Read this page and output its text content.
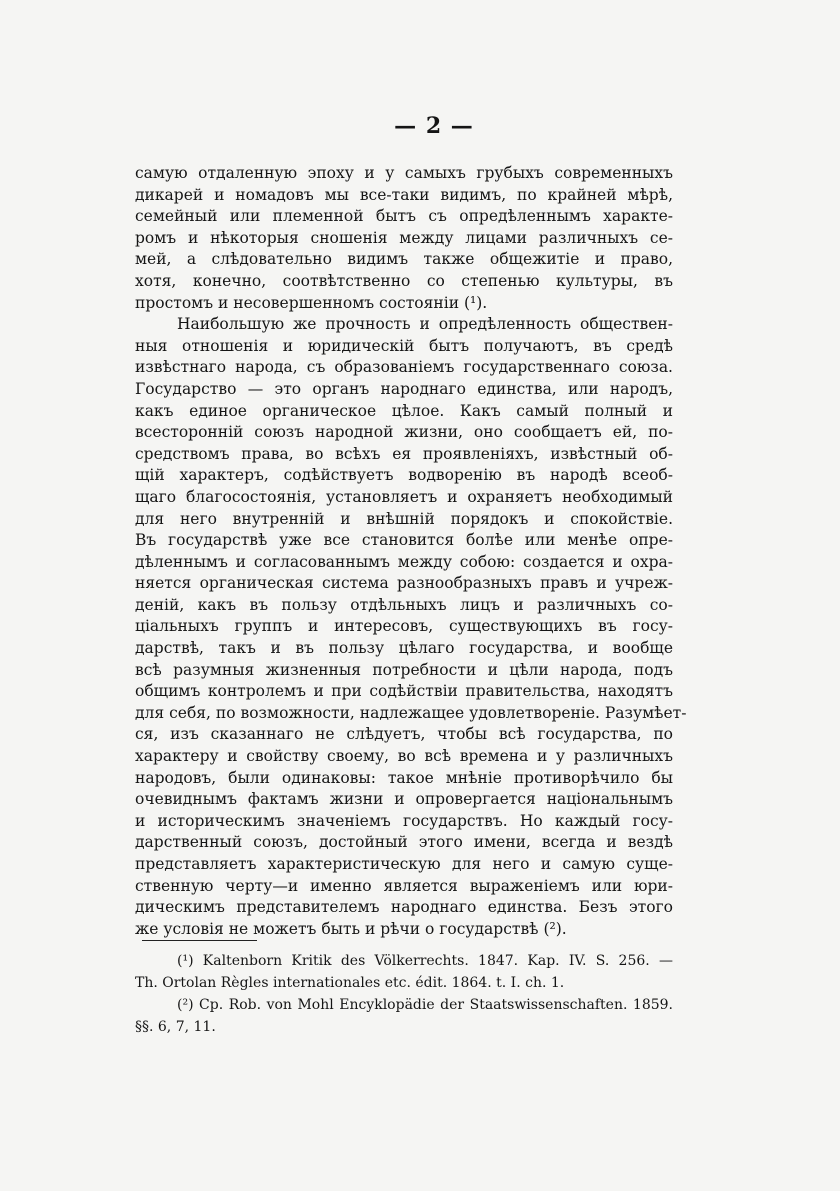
— 2 —
самую отдаленную эпоху и у самыхъ грубыхъ современныхъ
дикарей и номадовъ мы все-таки видимъ, по крайней мѣрѣ,
семейный или племенной бытъ съ опредѣленнымъ характе-
ромъ и нѣкоторыя сношенія между лицами различныхъ се-
мей, а слѣдовательно видимъ также общежитіе и право,
хотя, конечно, соотвѣтственно со степенью культуры, въ
простомъ и несовершенномъ состояніи (¹).
Наибольшую же прочность и опредѣленность обществен-
ныя отношенія и юридическій бытъ получаютъ, въ средѣ
извѣстнаго народа, съ образованіемъ государственнаго союза.
Государство — это органъ народнаго единства, или народъ,
какъ единое органическое цѣлое. Какъ самый полный и
всесторонній союзъ народной жизни, оно сообщаетъ ей, по-
средствомъ права, во всѣхъ ея проявленіяхъ, извѣстный об-
щій характеръ, содѣйствуетъ водворенію въ народѣ всеоб-
щаго благосостоянія, установляетъ и охраняетъ необходимый
для него внутренній и внѣшній порядокъ и спокойствіе.
Въ государствѣ уже все становится болѣе или менѣе опре-
дѣленнымъ и согласованнымъ между собою: создается и охра-
няется органическая система разнообразныхъ правъ и учреж-
деній, какъ въ пользу отдѣльныхъ лицъ и различныхъ со-
ціальныхъ группъ и интересовъ, существующихъ въ госу-
дарствѣ, такъ и въ пользу цѣлаго государства, и вообще
всѣ разумныя жизненныя потребности и цѣли народа, подъ
общимъ контролемъ и при содѣйствіи правительства, находятъ
для себя, по возможности, надлежащее удовлетвореніе. Разумѣет-
ся, изъ сказаннаго не слѣдуетъ, чтобы всѣ государства, по
характеру и свойству своему, во всѣ времена и у различныхъ
народовъ, были одинаковы: такое мнѣніе противорѣчило бы
очевиднымъ фактамъ жизни и опровергается національнымъ
и историческимъ значеніемъ государствъ. Но каждый госу-
дарственный союзъ, достойный этого имени, всегда и вездѣ
представляетъ характеристическую для него и самую суще-
ственную черту—и именно является выраженіемъ или юри-
дическимъ представителемъ народнаго единства. Безъ этого
же условія не можетъ быть и рѣчи о государствѣ (²).
(¹) Kaltenborn Kritik des Völkerrechts. 1847. Kap. IV. S. 256. —
Th. Ortolan Règles internationales etc. édit. 1864. t. I. ch. 1.
(²) Cp. Rob. von Mohl Encyklopädie der Staatswissenschaften. 1859.
§§. 6, 7, 11.
